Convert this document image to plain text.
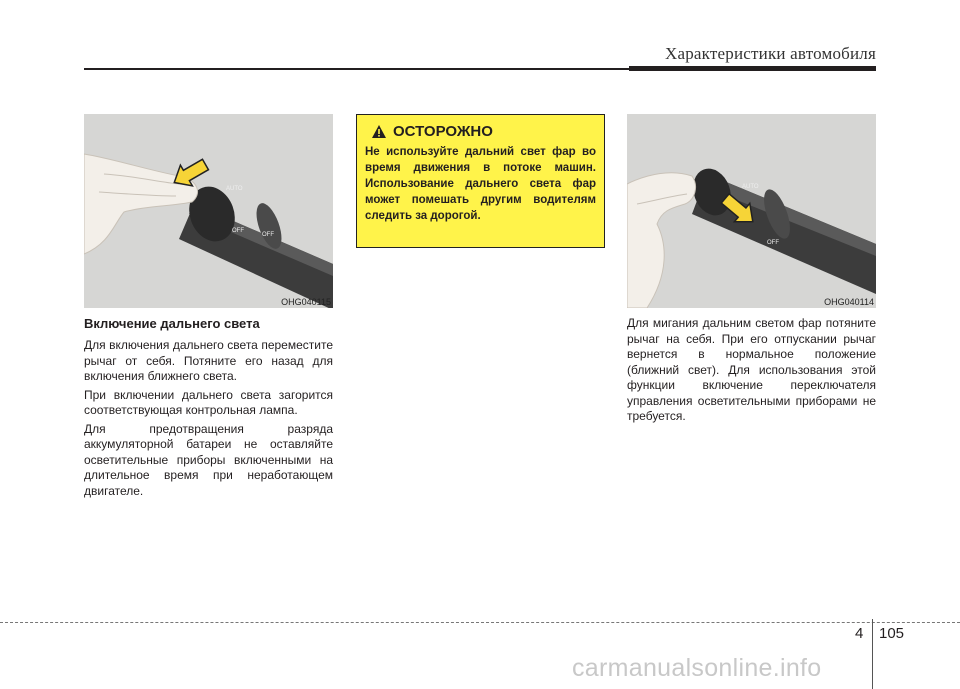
Характеристики автомобиля
AUTO
OFF
OFF
OHG040115
ОСТОРОЖНО
Не используйте дальний свет фар во время движения в потоке машин. Использование дальнего света фар может помешать другим водителям следить за дорогой.
AUTO
OFF
OHG040114
Включение дальнего света

Для включения дальнего света переместите рычаг от себя. Потяните его назад для включения ближнего света.

При включении дальнего света загорится соответствующая контрольная лампа.

Для предотвращения разряда аккумуляторной батареи не оставляйте осветительные приборы включенными на длительное время при неработающем двигателе.

Для мигания дальним светом фар потяните рычаг на себя. При его отпускании рычаг вернется в нормальное положение (ближний свет). Для использования этой функции включение переключателя управления осветительными приборами не требуется.

4 105
carmanualsonline.info
